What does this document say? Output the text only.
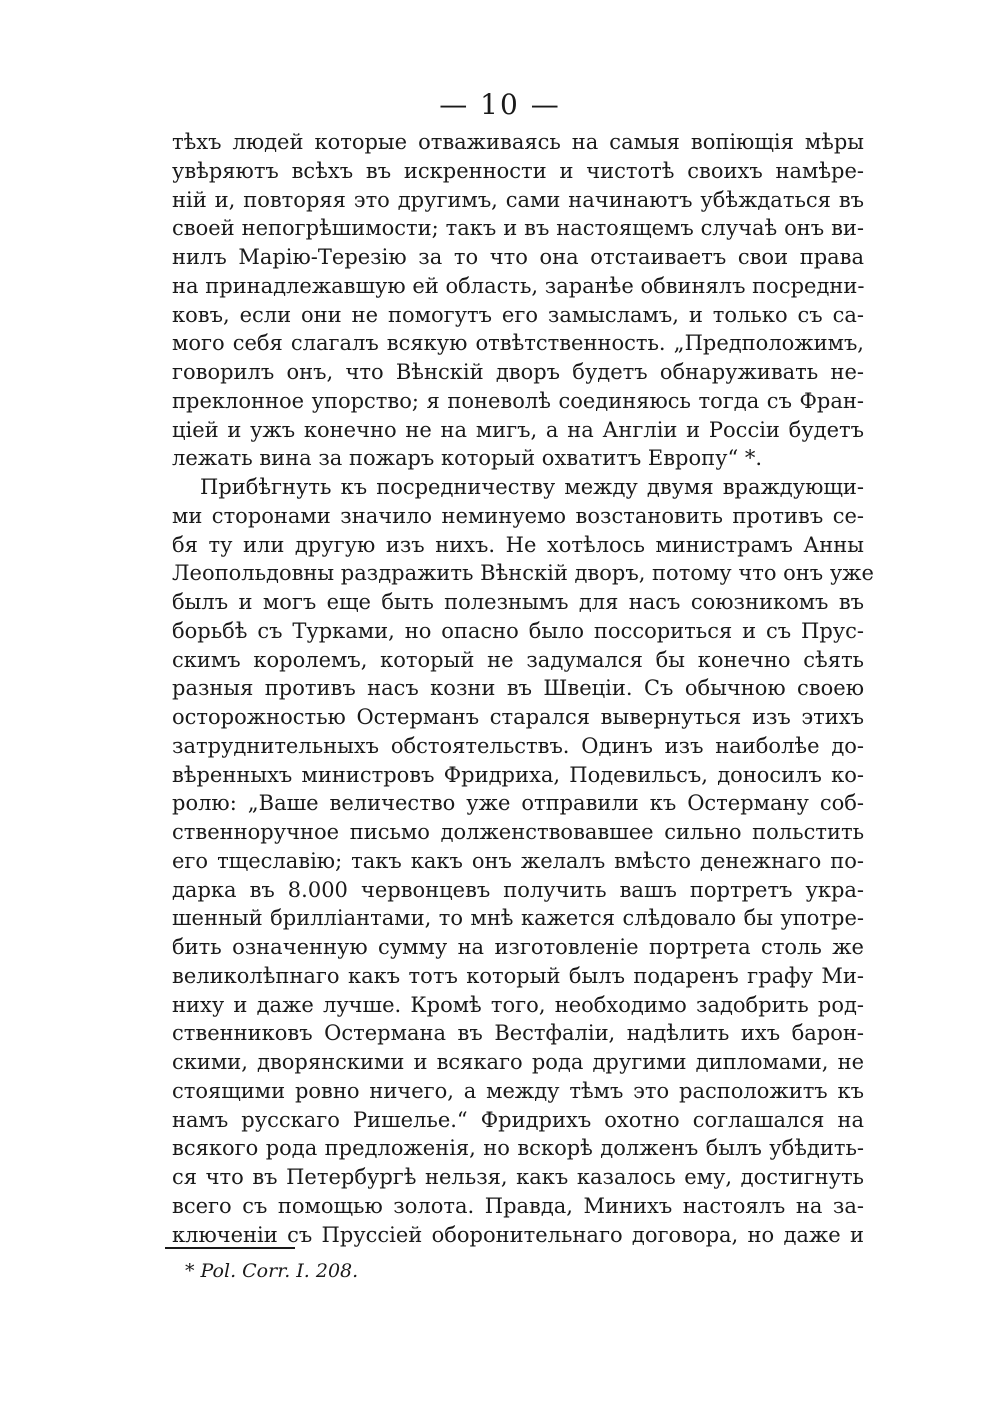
— 10 —
тѣхъ людей которые отваживаясь на самыя вопіющія мѣры
увѣряютъ всѣхъ въ искренности и чистотѣ своихъ намѣре-
ній и, повторяя это другимъ, сами начинаютъ убѣждаться въ
своей непогрѣшимости; такъ и въ настоящемъ случаѣ онъ ви-
нилъ Марію-Терезію за то что она отстаиваетъ свои права
на принадлежавшую ей область, заранѣе обвинялъ посредни-
ковъ, если они не помогутъ его замысламъ, и только съ са-
мого себя слагалъ всякую отвѣтственность. „Предположимъ,
говорилъ онъ, что Вѣнскій дворъ будетъ обнаруживать не-
преклонное упорство; я поневолѣ соединяюсь тогда съ Фран-
ціей и ужъ конечно не на мигъ, а на Англіи и Россіи будетъ
лежать вина за пожаръ который охватитъ Европу“ *.
Прибѣгнуть къ посредничеству между двумя враждующи-
ми сторонами значило неминуемо возстановить противъ се-
бя ту или другую изъ нихъ. Не хотѣлось министрамъ Анны
Леопольдовны раздражить Вѣнскій дворъ, потому что онъ уже
былъ и могъ еще быть полезнымъ для насъ союзникомъ въ
борьбѣ съ Турками, но опасно было поссориться и съ Прус-
скимъ королемъ, который не задумался бы конечно сѣять
разныя противъ насъ козни въ Швеціи. Съ обычною своею
осторожностью Остерманъ старался вывернуться изъ этихъ
затруднительныхъ обстоятельствъ. Одинъ изъ наиболѣе до-
вѣренныхъ министровъ Фридриха, Подевильсъ, доносилъ ко-
ролю: „Ваше величество уже отправили къ Остерману соб-
ственноручное письмо долженствовавшее сильно польстить
его тщеславію; такъ какъ онъ желалъ вмѣсто денежнаго по-
дарка въ 8.000 червонцевъ получить вашъ портретъ укра-
шенный брилліантами, то мнѣ кажется слѣдовало бы употре-
бить означенную сумму на изготовленіе портрета столь же
великолѣпнаго какъ тотъ который былъ подаренъ графу Ми-
ниху и даже лучше. Кромѣ того, необходимо задобрить род-
ственниковъ Остермана въ Вестфаліи, надѣлить ихъ барон-
скими, дворянскими и всякаго рода другими дипломами, не
стоящими ровно ничего, а между тѣмъ это расположитъ къ
намъ русскаго Ришелье.“ Фридрихъ охотно соглашался на
всякого рода предложенія, но вскорѣ долженъ былъ убѣдить-
ся что въ Петербургѣ нельзя, какъ казалось ему, достигнуть
всего съ помощью золота. Правда, Минихъ настоялъ на за-
ключеніи съ Пруссіей оборонительнаго договора, но даже и
* Pol. Corr. I. 208.
